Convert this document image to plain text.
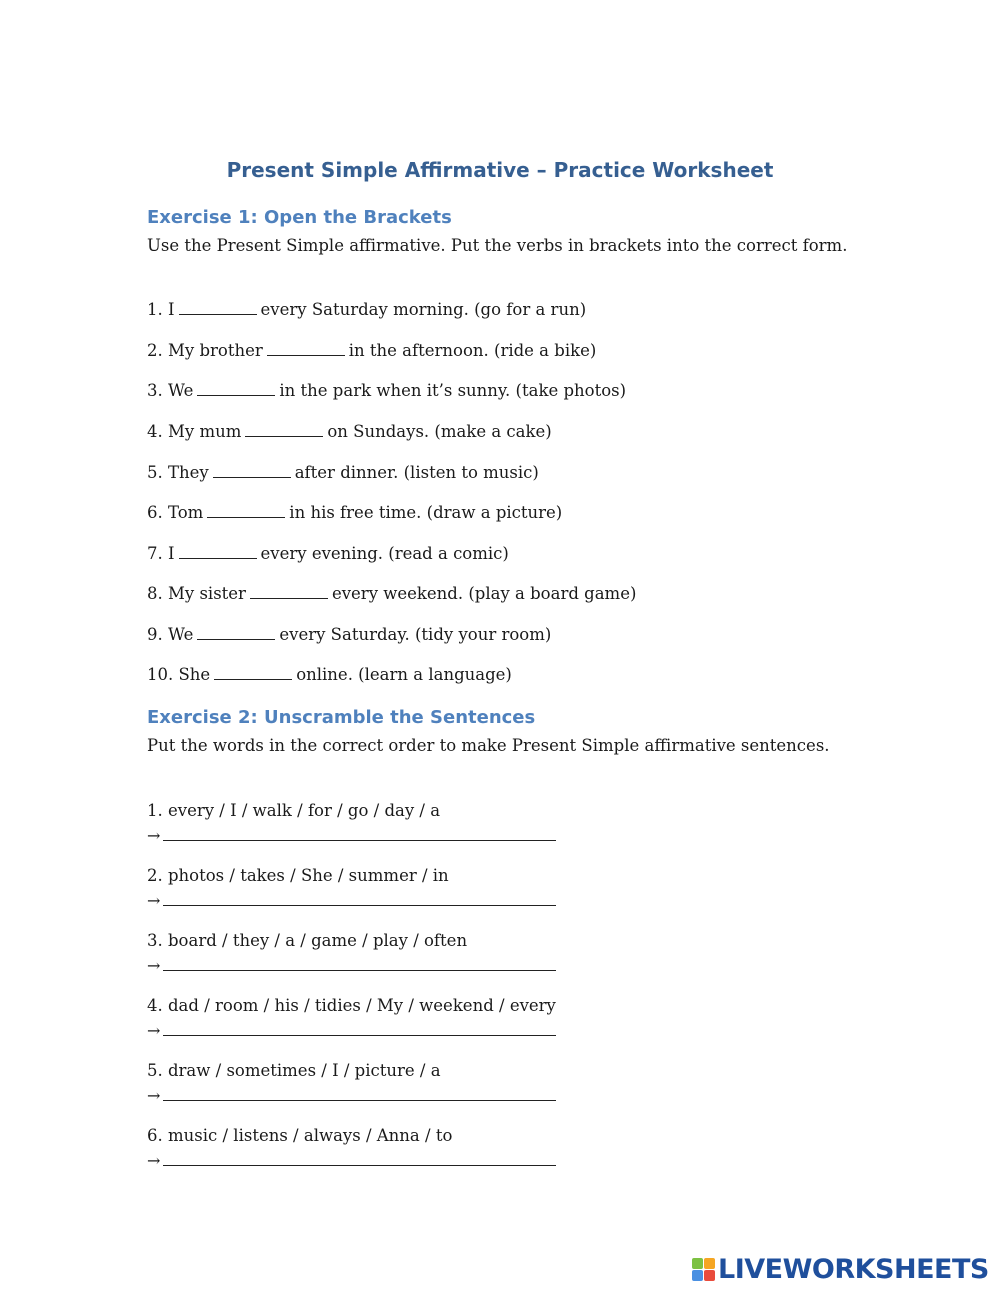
Present Simple Affirmative – Practice Worksheet
Exercise 1: Open the Brackets
Use the Present Simple affirmative. Put the verbs in brackets into the correct form.
1. I	every Saturday morning. (go for a run)
2. My brother	in the afternoon. (ride a bike)
3. We	in the park when it’s sunny. (take photos)
4. My mum	on Sundays. (make a cake)
5. They	after dinner. (listen to music)
6. Tom	in his free time. (draw a picture)
7. I	every evening. (read a comic)
8. My sister	every weekend. (play a board game)
9. We	every Saturday. (tidy your room)
10. She	online. (learn a language)
Exercise 2: Unscramble the Sentences
Put the words in the correct order to make Present Simple affirmative sentences.
1. every / I / walk / for / go / day / a
→
2. photos / takes / She / summer / in
→
3. board / they / a / game / play / often
→
4. dad / room / his / tidies / My / weekend / every
→
5. draw / sometimes / I / picture / a
→
6. music / listens / always / Anna / to
→
LIVEWORKSHEETS
